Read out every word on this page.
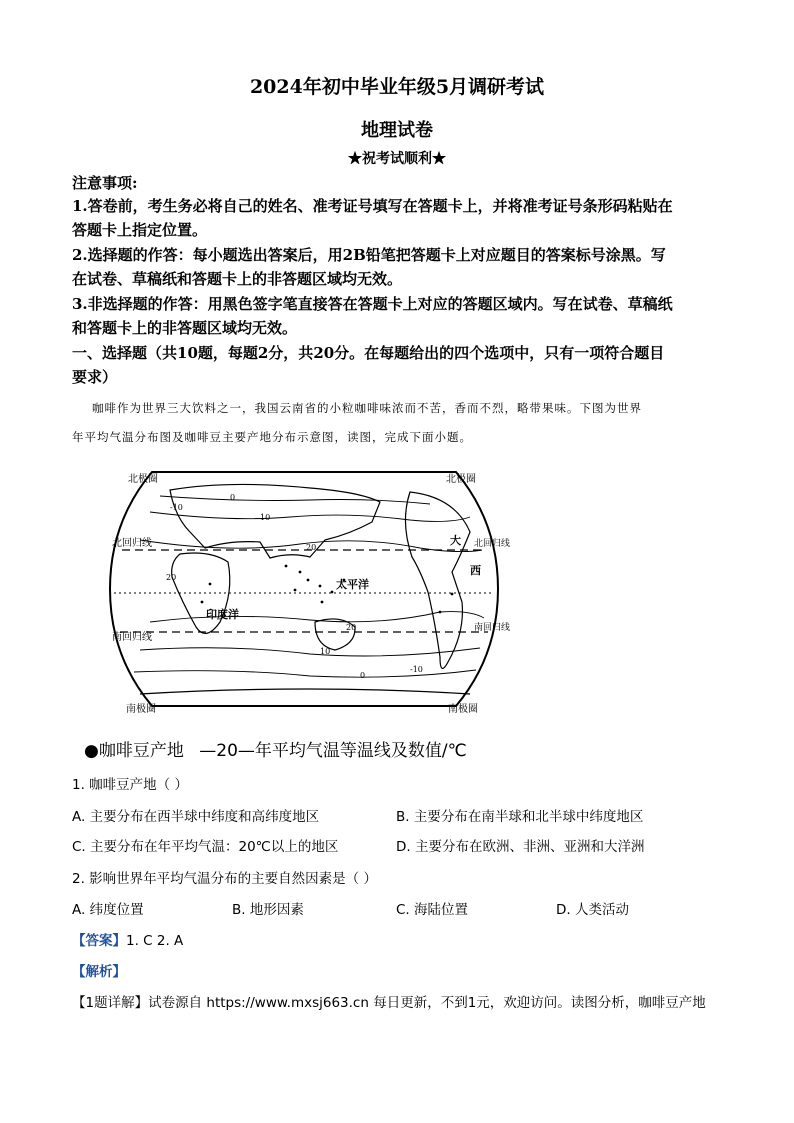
2024年初中毕业年级5月调研考试
地理试卷
★祝考试顺利★
注意事项:
1.答卷前，考生务必将自己的姓名、准考证号填写在答题卡上，并将准考证号条形码粘贴在
答题卡上指定位置。
2.选择题的作答：每小题选出答案后，用2B铅笔把答题卡上对应题目的答案标号涂黑。写
在试卷、草稿纸和答题卡上的非答题区域均无效。
3.非选择题的作答：用黑色签字笔直接答在答题卡上对应的答题区域内。写在试卷、草稿纸
和答题卡上的非答题区域均无效。
一、选择题（共10题，每题2分，共20分。在每题给出的四个选项中，只有一项符合题目
要求）
咖啡作为世界三大饮料之一，我国云南省的小粒咖啡味浓而不苦，香而不烈，略带果味。下图为世界
年平均气温分布图及咖啡豆主要产地分布示意图，读图，完成下面小题。
北极圈	北极圈
北回归线	北回归线
南回归线
南回归线
南极圈	南极圈
太平洋
印度洋
大
西
-10
0
10
20
-10
0
10
20
20
●咖啡豆产地 —20—年平均气温等温线及数值/℃
1. 咖啡豆产地（ ）
A. 主要分布在西半球中纬度和高纬度地区	B. 主要分布在南半球和北半球中纬度地区
C. 主要分布在年平均气温：20℃以上的地区	D. 主要分布在欧洲、非洲、亚洲和大洋洲
2. 影响世界年平均气温分布的主要自然因素是（ ）
A. 纬度位置	B. 地形因素	C. 海陆位置	D. 人类活动
【答案】1. C 2. A
【解析】
【1题详解】试卷源自 https://www.mxsj663.cn 每日更新，不到1元，欢迎访问。读图分析，咖啡豆产地
